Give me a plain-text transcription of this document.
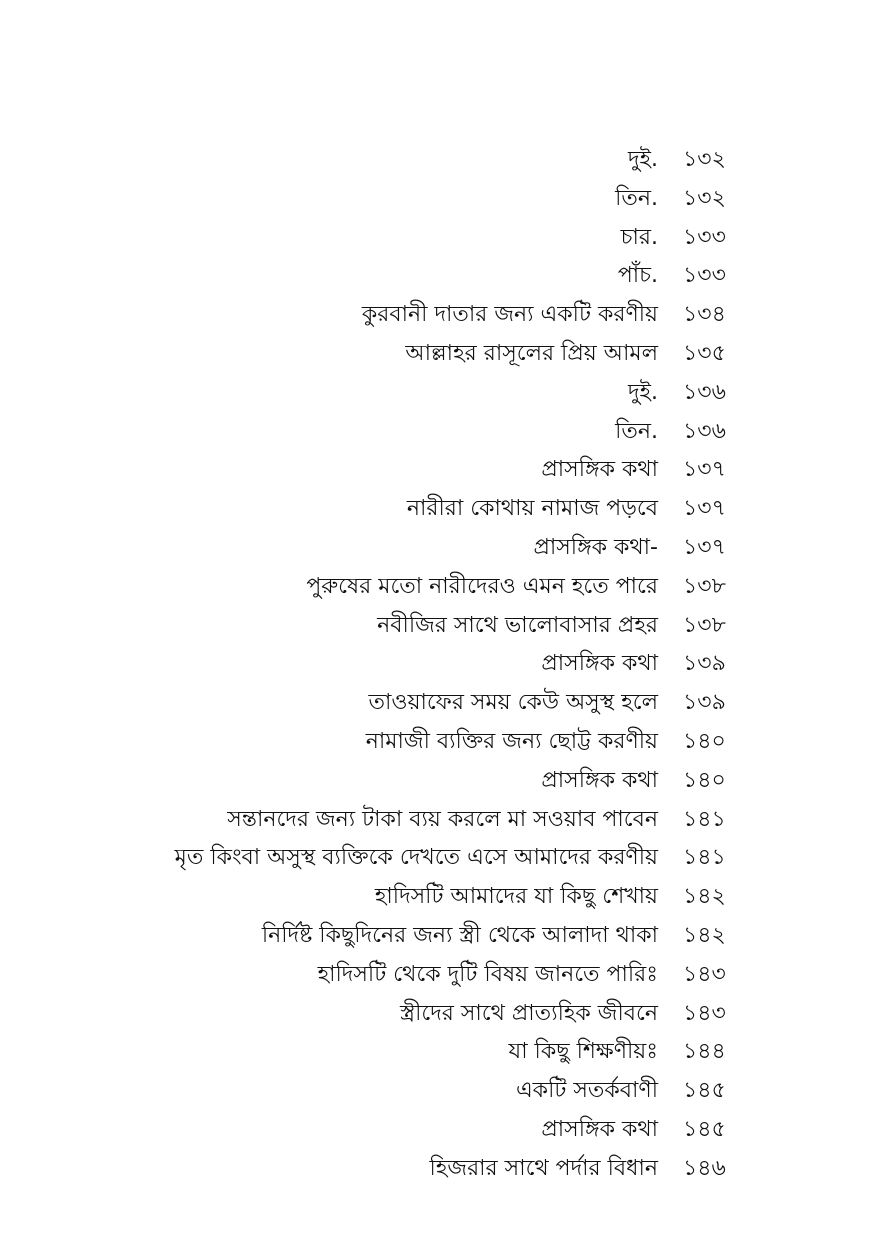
দুই. ১৩২
তিন. ১৩২
চার. ১৩৩
পাঁচ. ১৩৩
কুরবানী দাতার জন্য একটি করণীয় ১৩৪
আল্লাহর রাসূলের প্রিয় আমল ১৩৫
দুই. ১৩৬
তিন. ১৩৬
প্রাসঙ্গিক কথা ১৩৭
নারীরা কোথায় নামাজ পড়বে ১৩৭
প্রাসঙ্গিক কথা- ১৩৭
পুরুষের মতো নারীদেরও এমন হতে পারে ১৩৮
নবীজির সাথে ভালোবাসার প্রহর ১৩৮
প্রাসঙ্গিক কথা ১৩৯
তাওয়াফের সময় কেউ অসুস্থ হলে ১৩৯
নামাজী ব্যক্তির জন্য ছোট্ট করণীয় ১৪০
প্রাসঙ্গিক কথা ১৪০
সন্তানদের জন্য টাকা ব্যয় করলে মা সওয়াব পাবেন ১৪১
মৃত কিংবা অসুস্থ ব্যক্তিকে দেখতে এসে আমাদের করণীয় ১৪১
হাদিসটি আমাদের যা কিছু শেখায় ১৪২
নির্দিষ্ট কিছুদিনের জন্য স্ত্রী থেকে আলাদা থাকা ১৪২
হাদিসটি থেকে দুটি বিষয় জানতে পারিঃ ১৪৩
স্ত্রীদের সাথে প্রাত্যহিক জীবনে ১৪৩
যা কিছু শিক্ষণীয়ঃ ১৪৪
একটি সতর্কবাণী ১৪৫
প্রাসঙ্গিক কথা ১৪৫
হিজরার সাথে পর্দার বিধান ১৪৬
